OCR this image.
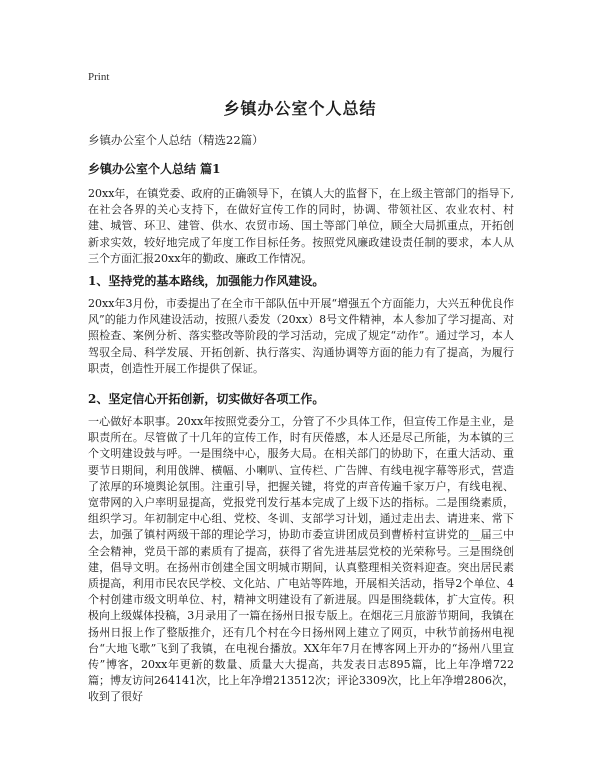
Print
乡镇办公室个人总结
乡镇办公室个人总结（精选22篇）
乡镇办公室个人总结 篇1

20xx年，在镇党委、政府的正确领导下，在镇人大的监督下，在上级主管部门的指导下,在社会各界的关心支持下，在做好宣传工作的同时，协调、带领社区、农业农村、村建、城管、环卫、建管、供水、农贸市场、国土等部门单位，顾全大局抓重点，开拓创新求实效，较好地完成了年度工作目标任务。按照党风廉政建设责任制的要求，本人从三个方面汇报20xx年的勤政、廉政工作情况。

1、坚持党的基本路线，加强能力作风建设。

20xx年3月份，市委提出了在全市干部队伍中开展“增强五个方面能力，大兴五种优良作风”的能力作风建设活动，按照八委发（20xx）8号文件精神，本人参加了学习提高、对照检查、案例分析、落实整改等阶段的学习活动，完成了规定“动作”。通过学习，本人驾驭全局、科学发展、开拓创新、执行落实、沟通协调等方面的能力有了提高，为履行职责，创造性开展工作提供了保证。

2、坚定信心开拓创新，切实做好各项工作。

一心做好本职事。20xx年按照党委分工，分管了不少具体工作，但宣传工作是主业，是职责所在。尽管做了十几年的宣传工作，时有厌倦感，本人还是尽己所能，为本镇的三个文明建设鼓与呼。一是围绕中心，服务大局。在相关部门的协助下，在重大活动、重要节日期间，利用戗牌、横幅、小喇叭、宣传栏、广告牌、有线电视字幕等形式，营造了浓厚的环境舆论氛围。注重引导，把握关键，将党的声音传遍千家万户，有线电视、宽带网的入户率明显提高，党报党刊发行基本完成了上级下达的指标。二是围绕素质，组织学习。年初制定中心组、党校、冬训、支部学习计划，通过走出去、请进来、常下去，加强了镇村两级干部的理论学习，协助市委宣讲团成员到曹桥村宣讲党的__届三中全会精神，党员干部的素质有了提高，获得了省先进基层党校的光荣称号。三是围绕创建，倡导文明。在扬州市创建全国文明城市期间，认真整理相关资料迎查。突出居民素质提高，利用市民农民学校、文化站、广电站等阵地，开展相关活动，指导2个单位、4个村创建市级文明单位、村，精神文明建设有了新进展。四是围绕载体，扩大宣传。积极向上级媒体投稿，3月录用了一篇在扬州日报专版上。在烟花三月旅游节期间，我镇在扬州日报上作了整版推介，还有几个村在今日扬州网上建立了网页，中秋节前扬州电视台“大地飞歌”飞到了我镇，在电视台播放。XX年年7月在博客网上开办的“扬州八里宣传”博客，20xx年更新的数量、质量大大提高，共发表日志895篇，比上年净增722篇；博友访问264141次，比上年净增213512次；评论3309次，比上年净增2806次，收到了很好
